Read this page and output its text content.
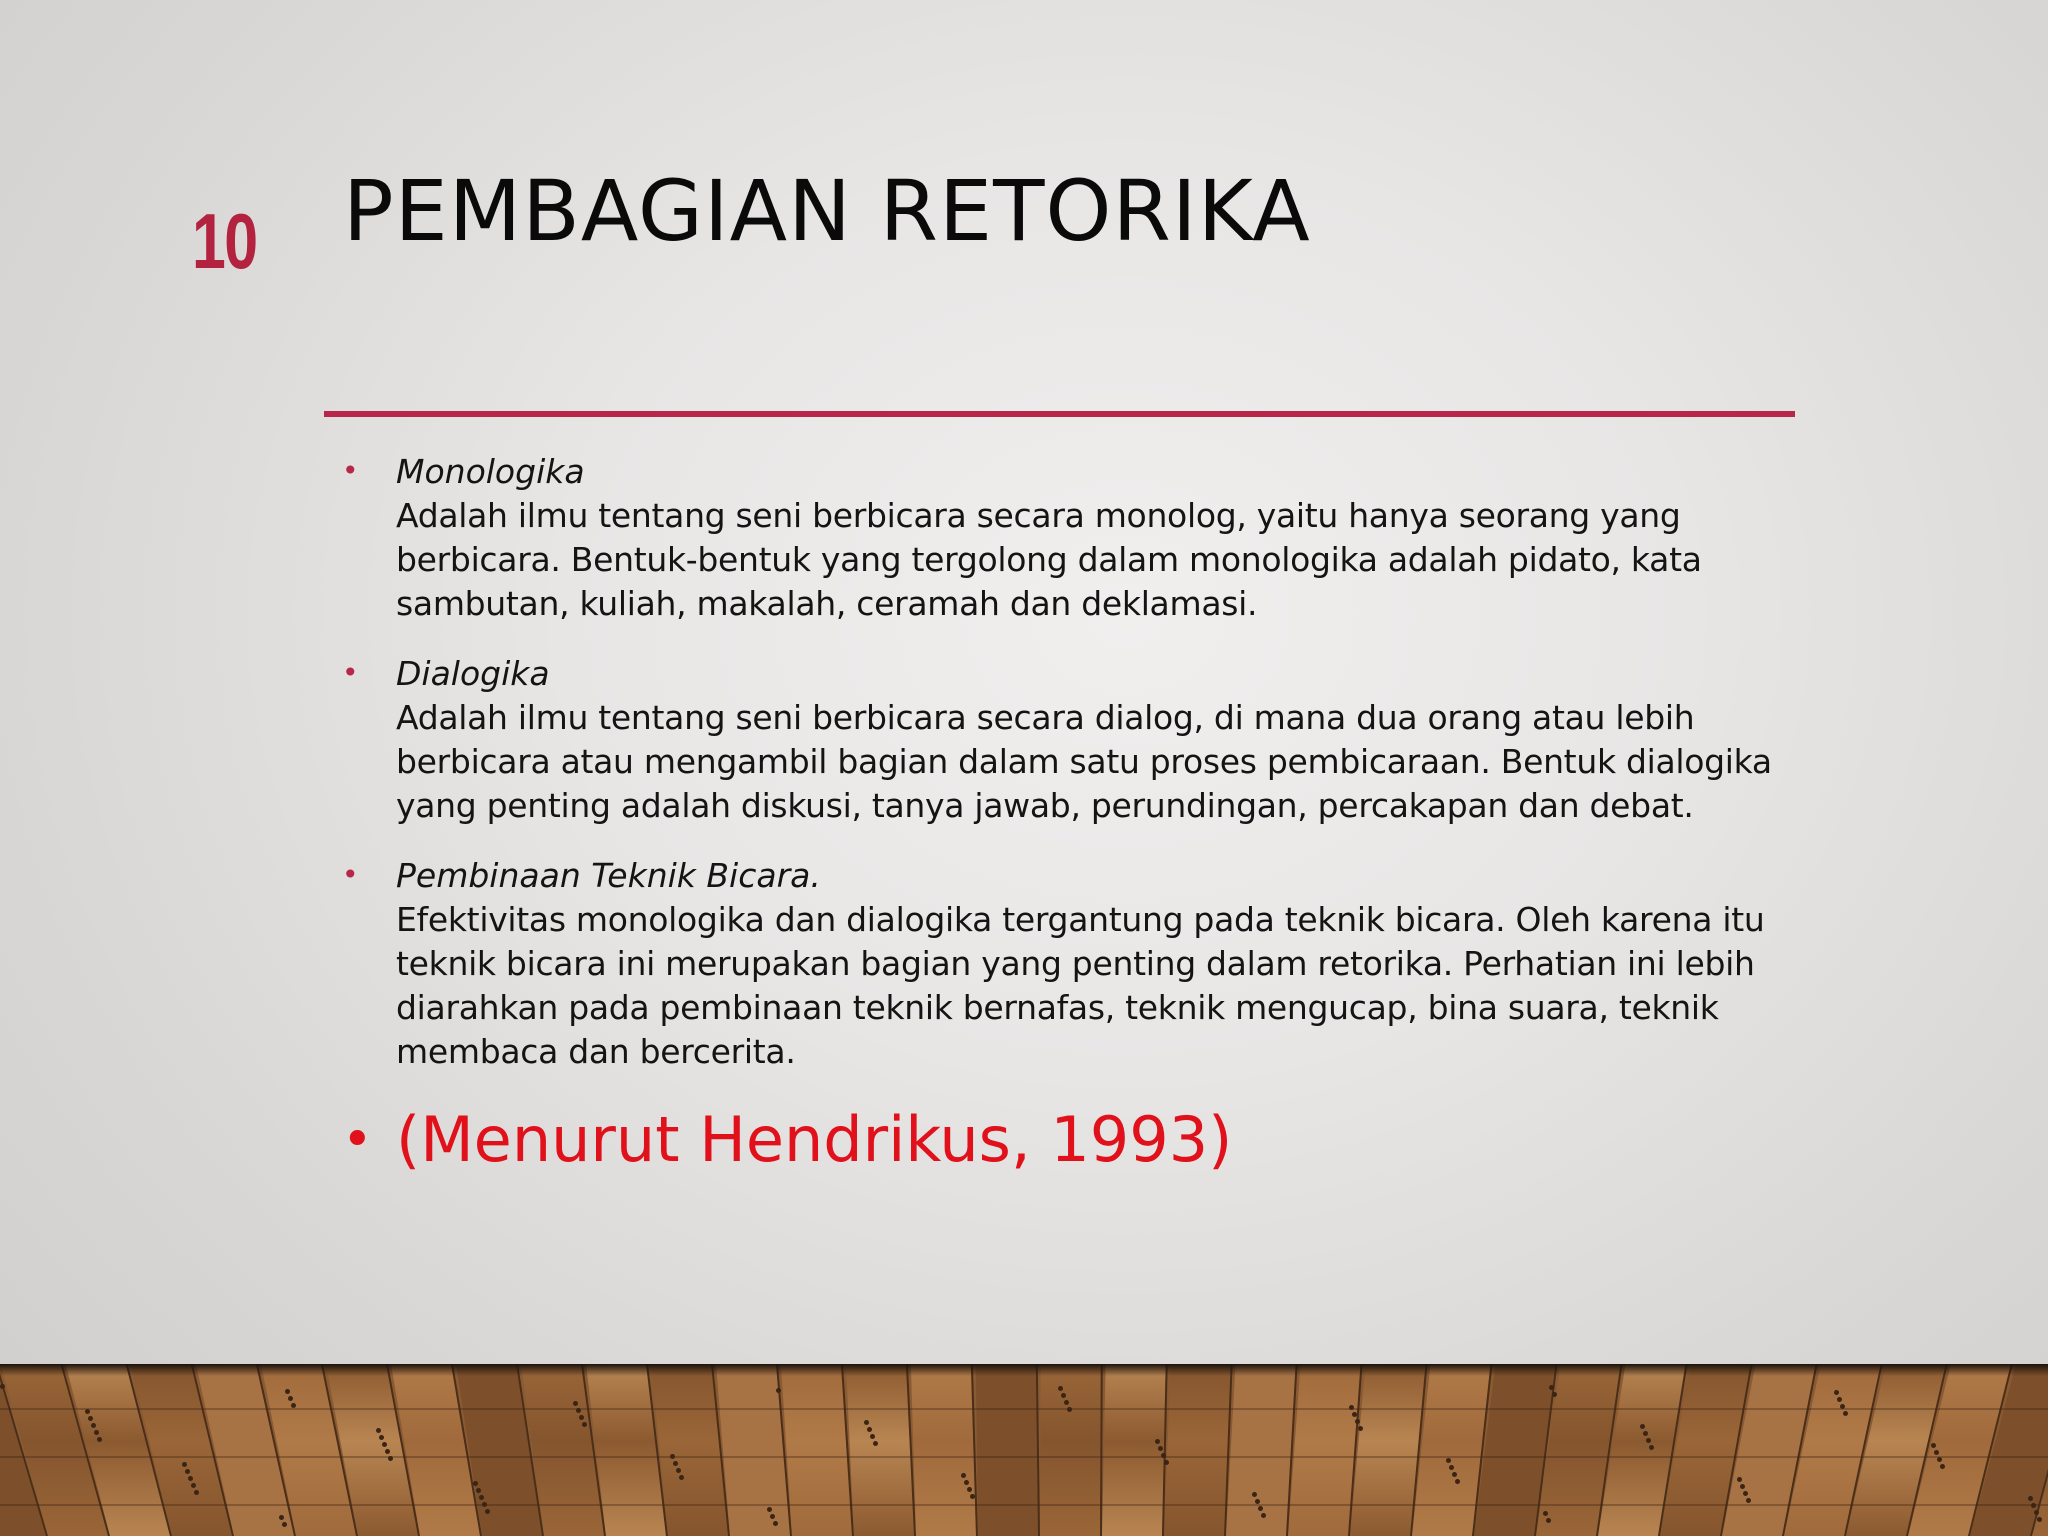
10 PEMBAGIAN RETORIKA
• Monologika
Adalah ilmu tentang seni berbicara secara monolog, yaitu hanya seorang yang berbicara. Bentuk-bentuk yang tergolong dalam monologika adalah pidato, kata sambutan, kuliah, makalah, ceramah dan deklamasi.
• Dialogika
Adalah ilmu tentang seni berbicara secara dialog, di mana dua orang atau lebih berbicara atau mengambil bagian dalam satu proses pembicaraan. Bentuk dialogika yang penting adalah diskusi, tanya jawab, perundingan, percakapan dan debat.
• Pembinaan Teknik Bicara.
Efektivitas monologika dan dialogika tergantung pada teknik bicara. Oleh karena itu teknik bicara ini merupakan bagian yang penting dalam retorika. Perhatian ini lebih diarahkan pada pembinaan teknik bernafas, teknik mengucap, bina suara, teknik membaca dan bercerita.
• (Menurut Hendrikus, 1993)
